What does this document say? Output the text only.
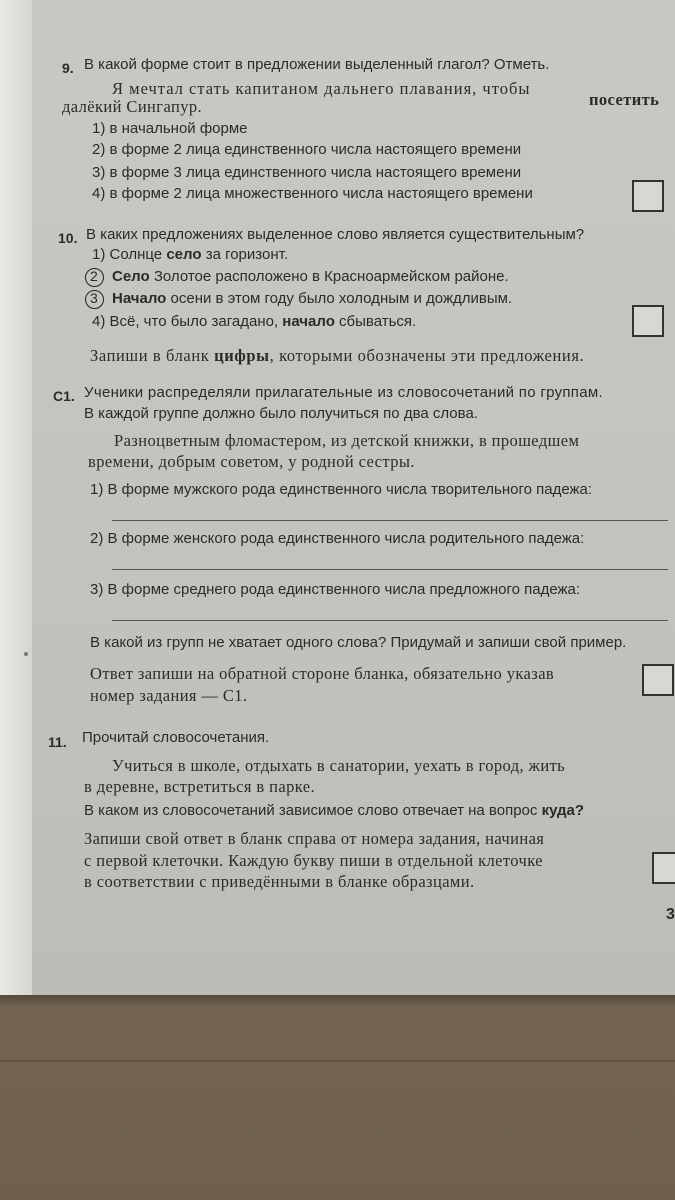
9. В какой форме стоит в предложении выделенный глагол? Отметь.
Я мечтал стать капитаном дальнего плавания, чтобы
посетить
далёкий Сингапур.
1) в начальной форме
2) в форме 2 лица единственного числа настоящего времени
3) в форме 3 лица единственного числа настоящего времени
4) в форме 2 лица множественного числа настоящего времени
10. В каких предложениях выделенное слово является существительным?
1) Солнце село за горизонт.
2 Село Золотое расположено в Красноармейском районе.
3 Начало осени в этом году было холодным и дождливым.
4) Всё, что было загадано, начало сбываться.
Запиши в бланк цифры, которыми обозначены эти предложения.
С1. Ученики распределяли прилагательные из словосочетаний по группам.
В каждой группе должно было получиться по два слова.
Разноцветным фломастером, из детской книжки, в прошедшем
времени, добрым советом, у родной сестры.
1) В форме мужского рода единственного числа творительного падежа:
2) В форме женского рода единственного числа родительного падежа:
3) В форме среднего рода единственного числа предложного падежа:
В какой из групп не хватает одного слова? Придумай и запиши свой пример.
Ответ запиши на обратной стороне бланка, обязательно указав
номер задания — С1.
11. Прочитай словосочетания.
Учиться в школе, отдыхать в санатории, уехать в город, жить
в деревне, встретиться в парке.
В каком из словосочетаний зависимое слово отвечает на вопрос куда?
Запиши свой ответ в бланк справа от номера задания, начиная
с первой клеточки. Каждую букву пиши в отдельной клеточке
в соответствии с приведёнными в бланке образцами.
3
